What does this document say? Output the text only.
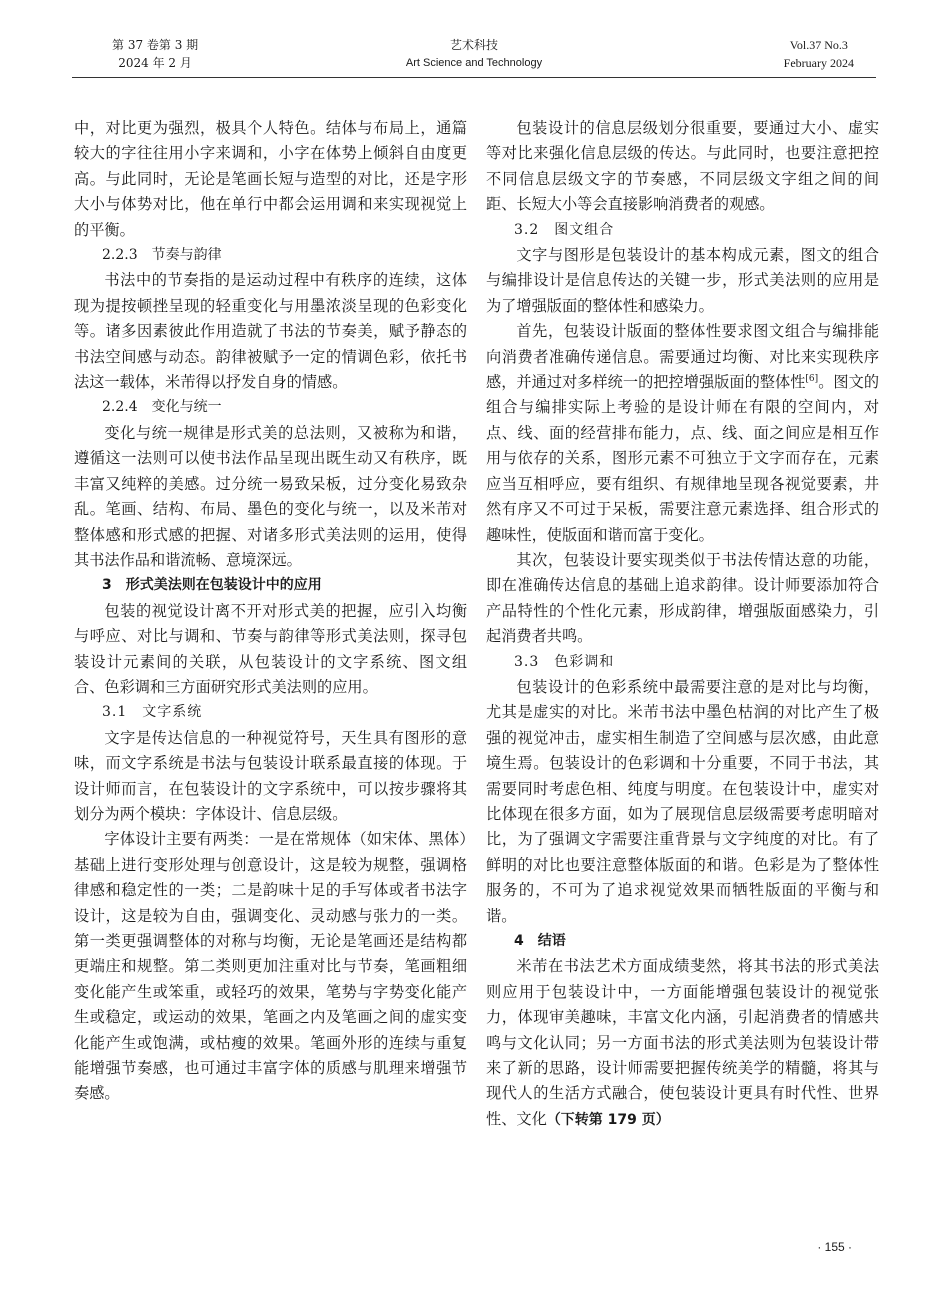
第 37 卷第 3 期
2024 年 2 月
艺术科技
Art Science and Technology
Vol.37 No.3
February 2024

中，对比更为强烈，极具个人特色。结体与布局上，通篇较大的字往往用小字来调和，小字在体势上倾斜自由度更高。与此同时，无论是笔画长短与造型的对比，还是字形大小与体势对比，他在单行中都会运用调和来实现视觉上的平衡。

2.2.3　节奏与韵律

书法中的节奏指的是运动过程中有秩序的连续，这体现为提按顿挫呈现的轻重变化与用墨浓淡呈现的色彩变化等。诸多因素彼此作用造就了书法的节奏美，赋予静态的书法空间感与动态。韵律被赋予一定的情调色彩，依托书法这一载体，米芾得以抒发自身的情感。

2.2.4　变化与统一

变化与统一规律是形式美的总法则，又被称为和谐，遵循这一法则可以使书法作品呈现出既生动又有秩序，既丰富又纯粹的美感。过分统一易致呆板，过分变化易致杂乱。笔画、结构、布局、墨色的变化与统一，以及米芾对整体感和形式感的把握、对诸多形式美法则的运用，使得其书法作品和谐流畅、意境深远。

3　形式美法则在包装设计中的应用

包装的视觉设计离不开对形式美的把握，应引入均衡与呼应、对比与调和、节奏与韵律等形式美法则，探寻包装设计元素间的关联，从包装设计的文字系统、图文组合、色彩调和三方面研究形式美法则的应用。

3.1　文字系统

文字是传达信息的一种视觉符号，天生具有图形的意味，而文字系统是书法与包装设计联系最直接的体现。于设计师而言，在包装设计的文字系统中，可以按步骤将其划分为两个模块：字体设计、信息层级。

字体设计主要有两类：一是在常规体（如宋体、黑体）基础上进行变形处理与创意设计，这是较为规整，强调格律感和稳定性的一类；二是韵味十足的手写体或者书法字设计，这是较为自由，强调变化、灵动感与张力的一类。第一类更强调整体的对称与均衡，无论是笔画还是结构都更端庄和规整。第二类则更加注重对比与节奏，笔画粗细变化能产生或笨重，或轻巧的效果，笔势与字势变化能产生或稳定，或运动的效果，笔画之内及笔画之间的虚实变化能产生或饱满，或枯瘦的效果。笔画外形的连续与重复能增强节奏感，也可通过丰富字体的质感与肌理来增强节奏感。

包装设计的信息层级划分很重要，要通过大小、虚实等对比来强化信息层级的传达。与此同时，也要注意把控不同信息层级文字的节奏感，不同层级文字组之间的间距、长短大小等会直接影响消费者的观感。

3.2　图文组合

文字与图形是包装设计的基本构成元素，图文的组合与编排设计是信息传达的关键一步，形式美法则的应用是为了增强版面的整体性和感染力。

首先，包装设计版面的整体性要求图文组合与编排能向消费者准确传递信息。需要通过均衡、对比来实现秩序感，并通过对多样统一的把控增强版面的整体性[6]。图文的组合与编排实际上考验的是设计师在有限的空间内，对点、线、面的经营排布能力，点、线、面之间应是相互作用与依存的关系，图形元素不可独立于文字而存在，元素应当互相呼应，要有组织、有规律地呈现各视觉要素，井然有序又不可过于呆板，需要注意元素选择、组合形式的趣味性，使版面和谐而富于变化。

其次，包装设计要实现类似于书法传情达意的功能，即在准确传达信息的基础上追求韵律。设计师要添加符合产品特性的个性化元素，形成韵律，增强版面感染力，引起消费者共鸣。

3.3　色彩调和

包装设计的色彩系统中最需要注意的是对比与均衡，尤其是虚实的对比。米芾书法中墨色枯润的对比产生了极强的视觉冲击，虚实相生制造了空间感与层次感，由此意境生焉。包装设计的色彩调和十分重要，不同于书法，其需要同时考虑色相、纯度与明度。在包装设计中，虚实对比体现在很多方面，如为了展现信息层级需要考虑明暗对比，为了强调文字需要注重背景与文字纯度的对比。有了鲜明的对比也要注意整体版面的和谐。色彩是为了整体性服务的，不可为了追求视觉效果而牺牲版面的平衡与和谐。

4　结语

米芾在书法艺术方面成绩斐然，将其书法的形式美法则应用于包装设计中，一方面能增强包装设计的视觉张力，体现审美趣味，丰富文化内涵，引起消费者的情感共鸣与文化认同；另一方面书法的形式美法则为包装设计带来了新的思路，设计师需要把握传统美学的精髓，将其与现代人的生活方式融合，使包装设计更具有时代性、世界性、文化（下转第 179 页）

· 155 ·
